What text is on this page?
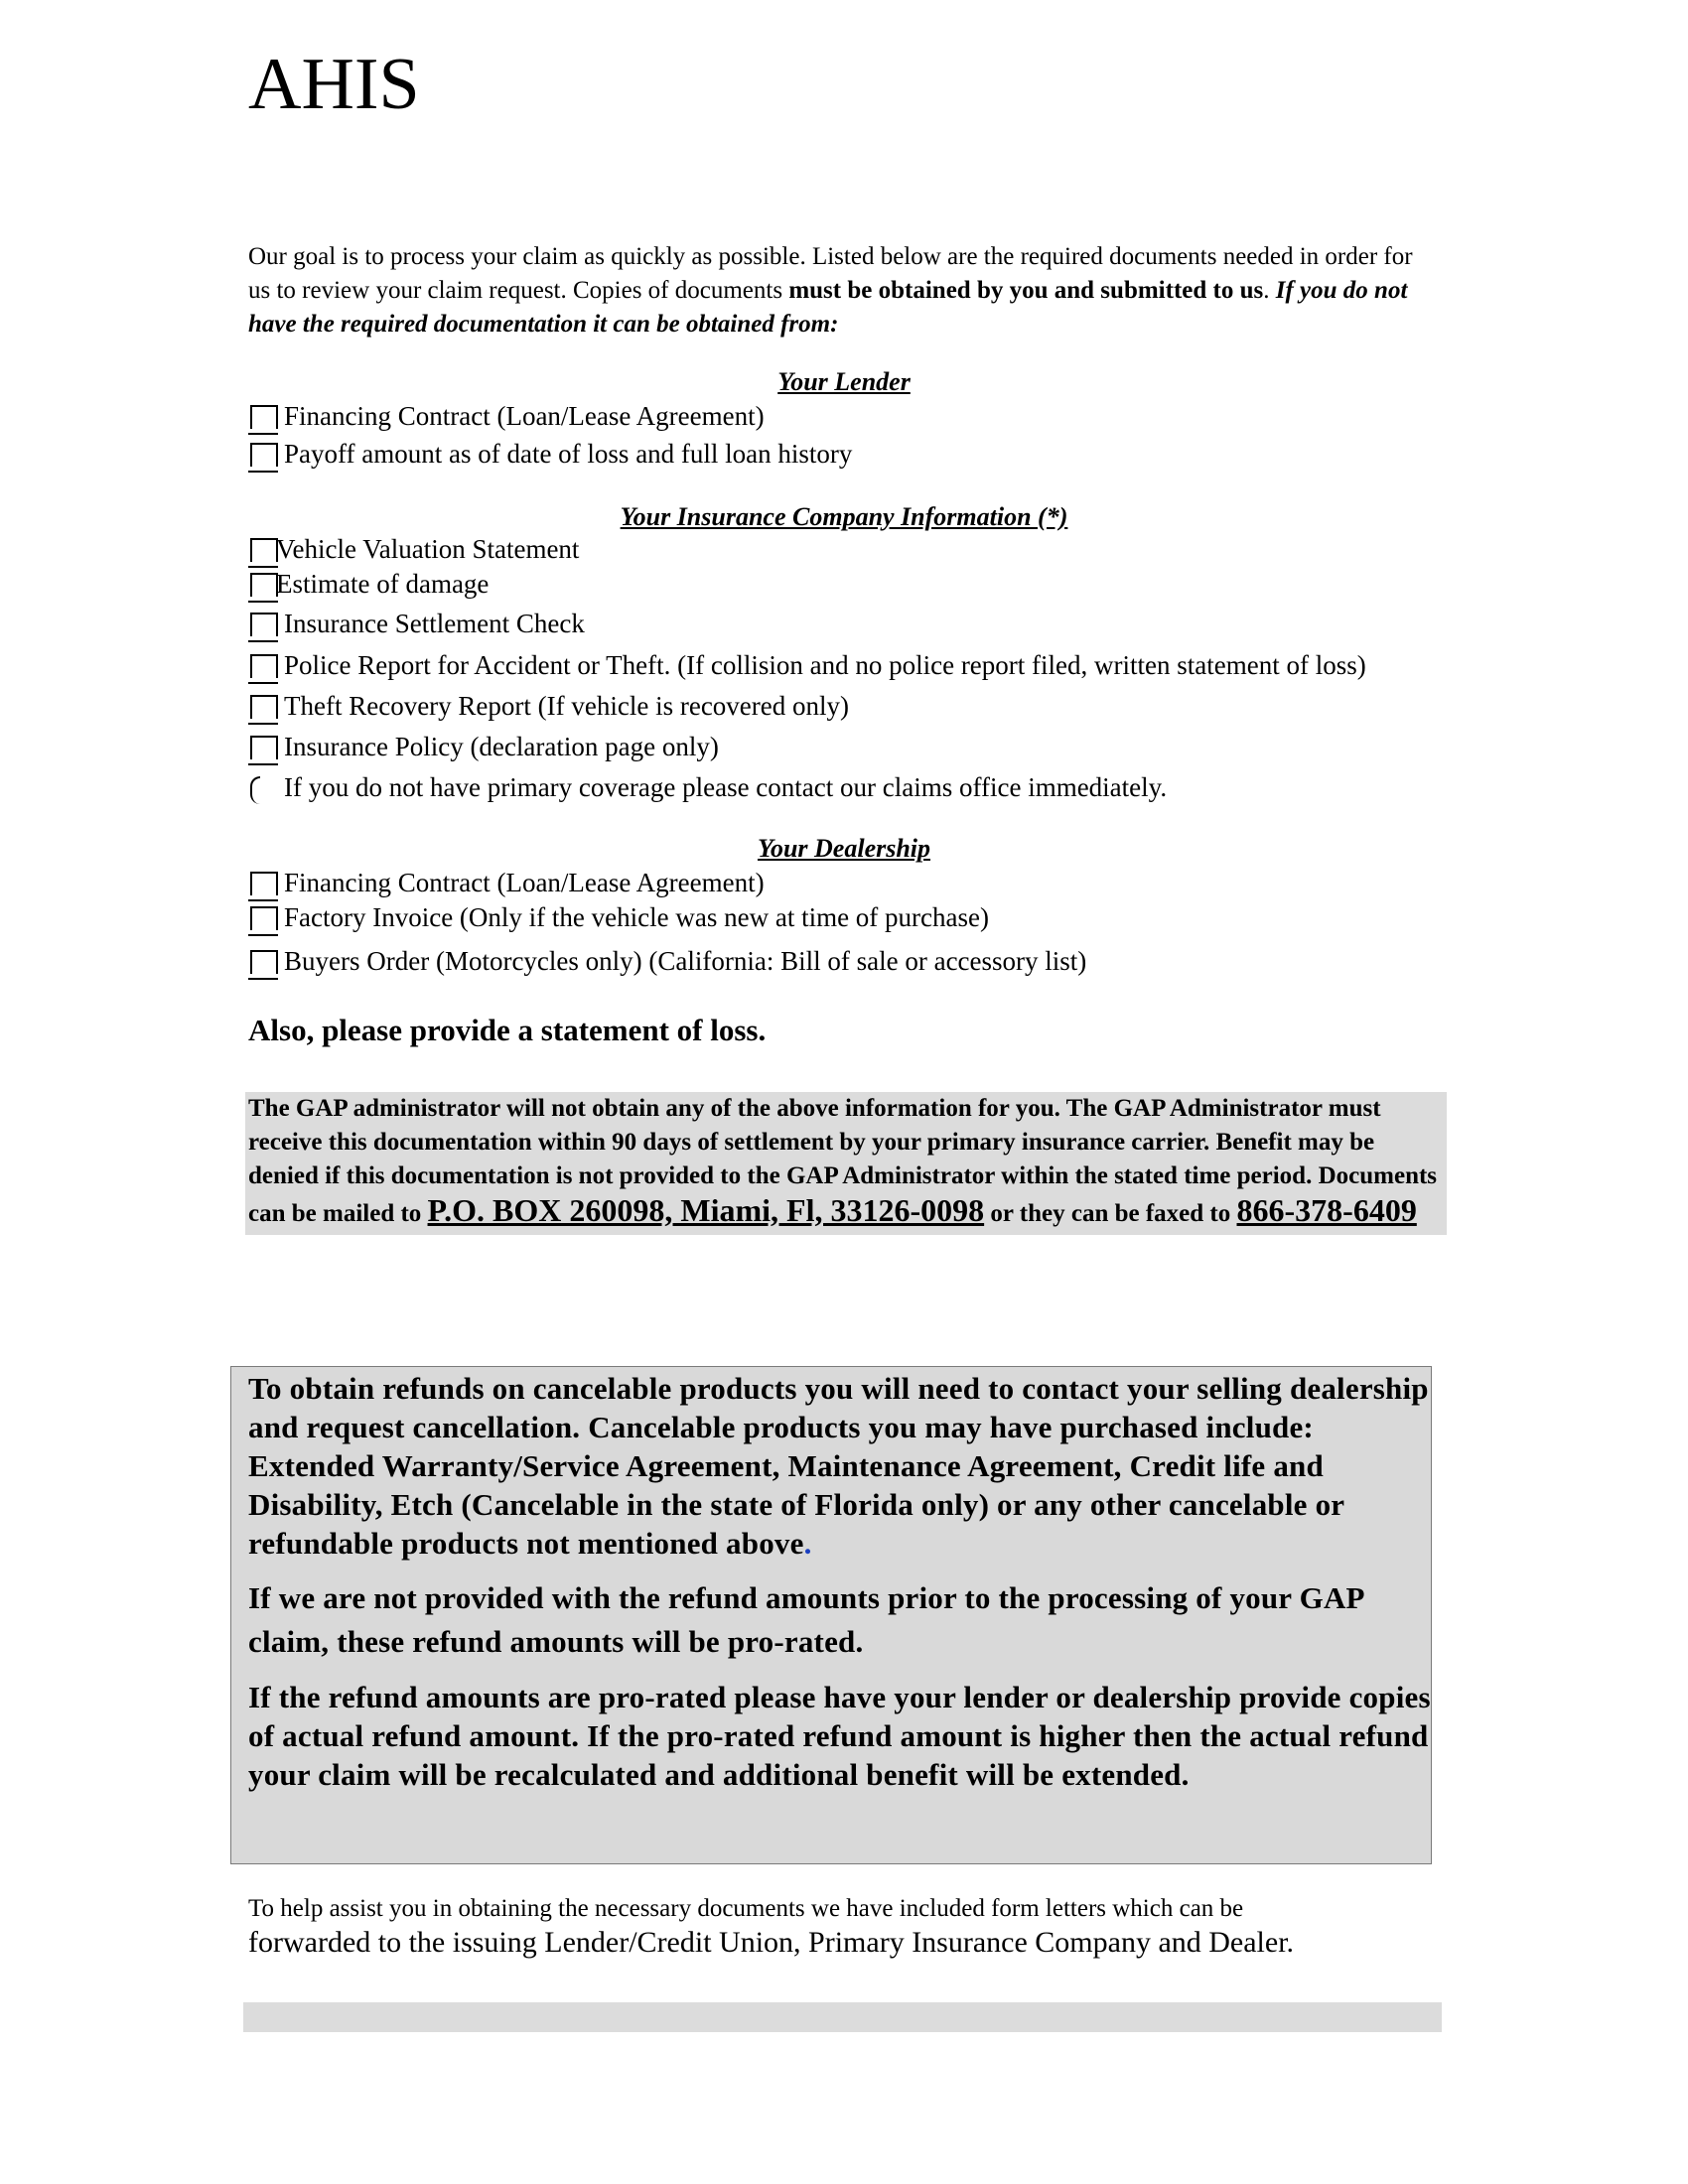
AHIS
Our goal is to process your claim as quickly as possible. Listed below are the required documents needed in order for us to review your claim request. Copies of documents must be obtained by you and submitted to us. If you do not have the required documentation it can be obtained from:
Your Lender
Financing Contract (Loan/Lease Agreement)
Payoff amount as of date of loss and full loan history
Your Insurance Company Information (*)
Vehicle Valuation Statement
Estimate of damage
Insurance Settlement Check
Police Report for Accident or Theft. (If collision and no police report filed, written statement of loss)
Theft Recovery Report (If vehicle is recovered only)
Insurance Policy (declaration page only)
If you do not have primary coverage please contact our claims office immediately.
Your Dealership
Financing Contract (Loan/Lease Agreement)
Factory Invoice (Only if the vehicle was new at time of purchase)
Buyers Order (Motorcycles only) (California: Bill of sale or accessory list)
Also, please provide a statement of loss.
The GAP administrator will not obtain any of the above information for you. The GAP Administrator must receive this documentation within 90 days of settlement by your primary insurance carrier. Benefit may be denied if this documentation is not provided to the GAP Administrator within the stated time period. Documents can be mailed to P.O. BOX 260098, Miami, Fl, 33126-0098 or they can be faxed to 866-378-6409

To obtain refunds on cancelable products you will need to contact your selling dealership and request cancellation. Cancelable products you may have purchased include: Extended Warranty/Service Agreement, Maintenance Agreement, Credit life and Disability, Etch (Cancelable in the state of Florida only) or any other cancelable or refundable products not mentioned above.

If we are not provided with the refund amounts prior to the processing of your GAP claim, these refund amounts will be pro-rated.

If the refund amounts are pro-rated please have your lender or dealership provide copies of actual refund amount. If the pro-rated refund amount is higher then the actual refund your claim will be recalculated and additional benefit will be extended.

To help assist you in obtaining the necessary documents we have included form letters which can be
forwarded to the issuing Lender/Credit Union, Primary Insurance Company and Dealer.
